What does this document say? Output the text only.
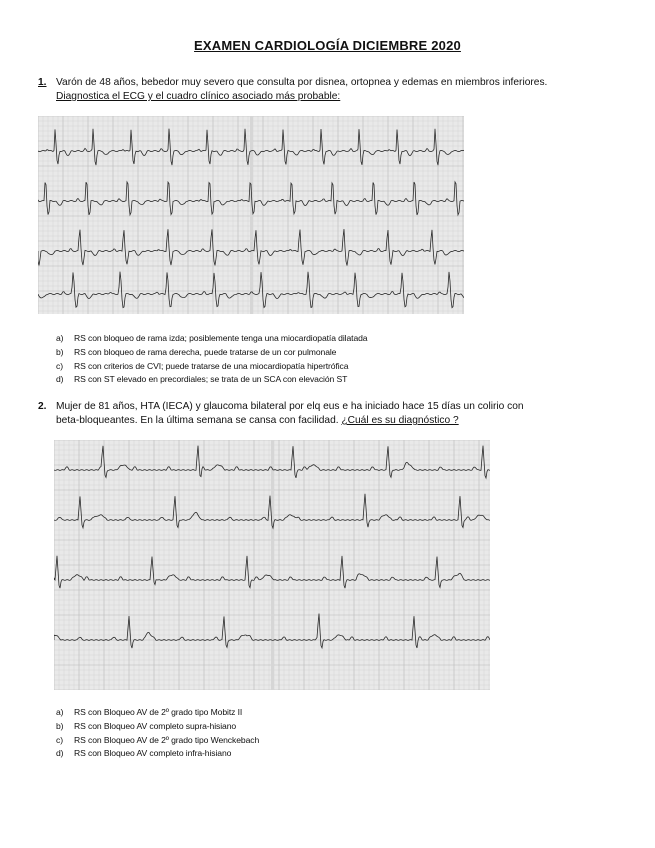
EXAMEN CARDIOLOGÍA DICIEMBRE 2020
1. Varón de 48 años, bebedor muy severo que consulta por disnea, ortopnea y edemas en miembros inferiores.
Diagnostica el ECG y el cuadro clínico asociado más probable:
a) RS con bloqueo de rama izda; posiblemente tenga una miocardiopatía dilatada
b) RS con bloqueo de rama derecha, puede tratarse de un cor pulmonale
c) RS con criterios de CVI; puede tratarse de una miocardiopatía hipertrófica
d) RS con ST elevado en precordiales; se trata de un SCA con elevación ST
2. Mujer de 81 años, HTA (IECA) y glaucoma bilateral por elq eus e ha iniciado hace 15 días un colirio con
beta-bloqueantes. En la última semana se cansa con facilidad. ¿Cuál es su diagnóstico ?
a) RS con Bloqueo AV de 2º grado tipo Mobitz II
b) RS con Bloqueo AV completo supra-hisiano
c) RS con Bloqueo AV de 2º grado tipo Wenckebach
d) RS con Bloqueo AV completo infra-hisiano
